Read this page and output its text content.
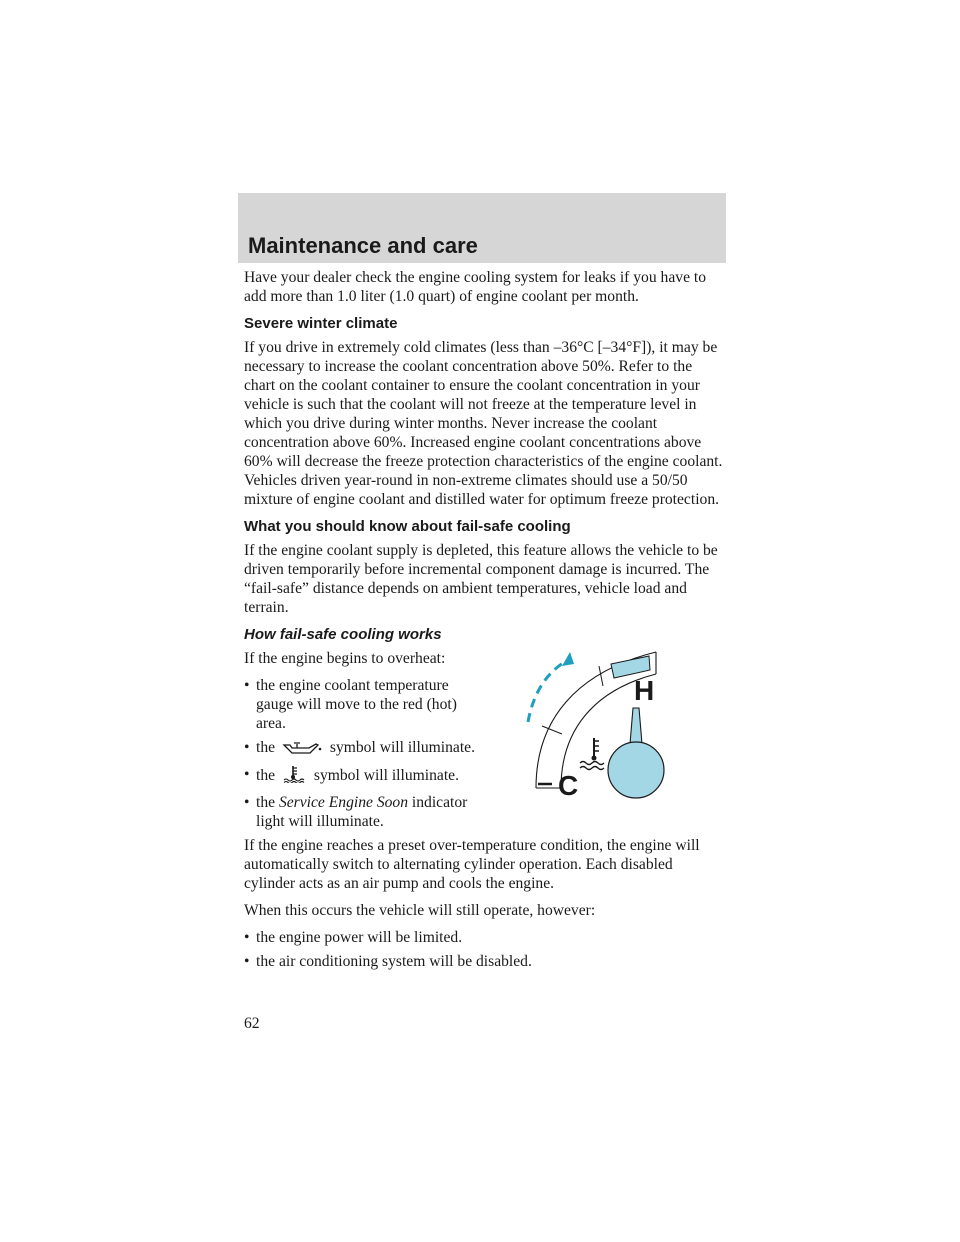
Maintenance and care

Have your dealer check the engine cooling system for leaks if you have to add more than 1.0 liter (1.0 quart) of engine coolant per month.

Severe winter climate

If you drive in extremely cold climates (less than –36°C [–34°F]), it may be necessary to increase the coolant concentration above 50%. Refer to the chart on the coolant container to ensure the coolant concentration in your vehicle is such that the coolant will not freeze at the temperature level in which you drive during winter months. Never increase the coolant concentration above 60%. Increased engine coolant concentrations above 60% will decrease the freeze protection characteristics of the engine coolant. Vehicles driven year-round in non-extreme climates should use a 50/50 mixture of engine coolant and distilled water for optimum freeze protection.

What you should know about fail-safe cooling

If the engine coolant supply is depleted, this feature allows the vehicle to be driven temporarily before incremental component damage is incurred. The “fail-safe” distance depends on ambient temperatures, vehicle load and terrain.

How fail-safe cooling works

If the engine begins to overheat:

• the engine coolant temperature gauge will move to the red (hot) area.
• the	symbol will illuminate.
• the symbol will illuminate.
• the Service Engine Soon indicator light will illuminate.

If the engine reaches a preset over-temperature condition, the engine will automatically switch to alternating cylinder operation. Each disabled cylinder acts as an air pump and cools the engine.

When this occurs the vehicle will still operate, however:

• the engine power will be limited.
• the air conditioning system will be disabled.
H
C

62
